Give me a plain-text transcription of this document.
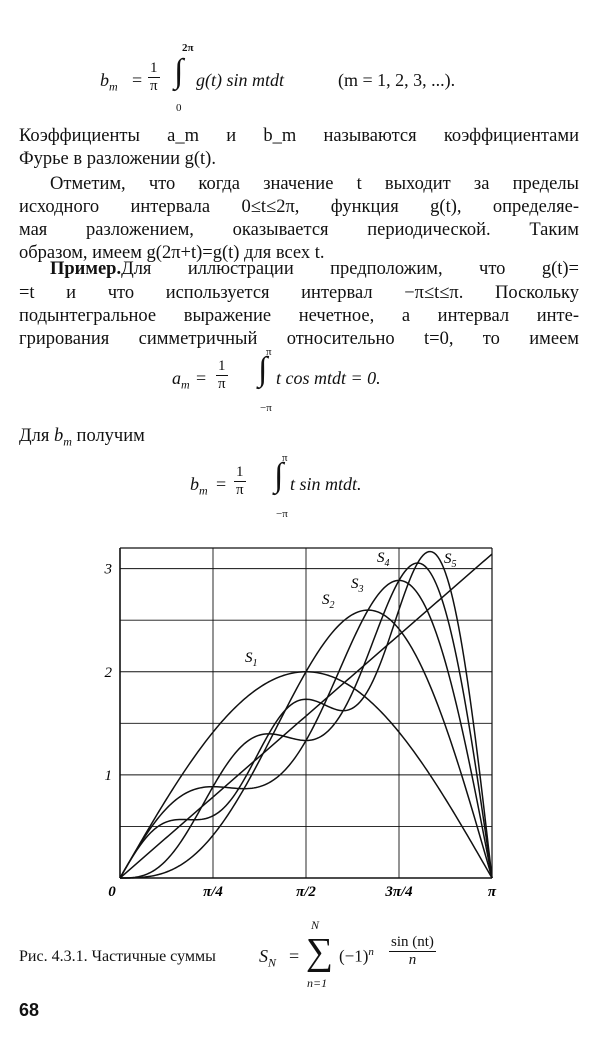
$b_m = \frac{1}{\pi}$ ∫
2π
0
g(t) sin mtdt	(m = 1, 2, 3, ...).
Коэффициенты a_m и b_m называются коэффициентами
Фурье в разложении g(t).
Отметим, что когда значение t выходит за пределы
исходного интервала 0≤t≤2π, функция g(t), определяе-
мая разложением, оказывается периодической. Таким
образом, имеем g(2π+t)=g(t) для всех t.
Пример. Для иллюстрации предположим, что g(t)=
=t и что используется интервал −π≤t≤π. Поскольку
подынтегральное выражение нечетное, а интервал инте-
грирования симметричный относительно t=0, то имеем
$a_m = \frac{1}{\pi}$ ∫
π
−π
t cos mtdt = 0.
Для $b_m$ получим
$b_m = \frac{1}{\pi}$ ∫
π
−π
t sin mtdt.
0	π/4	π/2	3π/4	π
1
2
3
$S_1$
$S_2$
$S_3$
$S_4$	$S_5$
Рис. 4.3.1. Частичные суммы $S_N$ =
N
∑
n=1
$(-1)^n \frac{\sin (nt)}{n}$
68
